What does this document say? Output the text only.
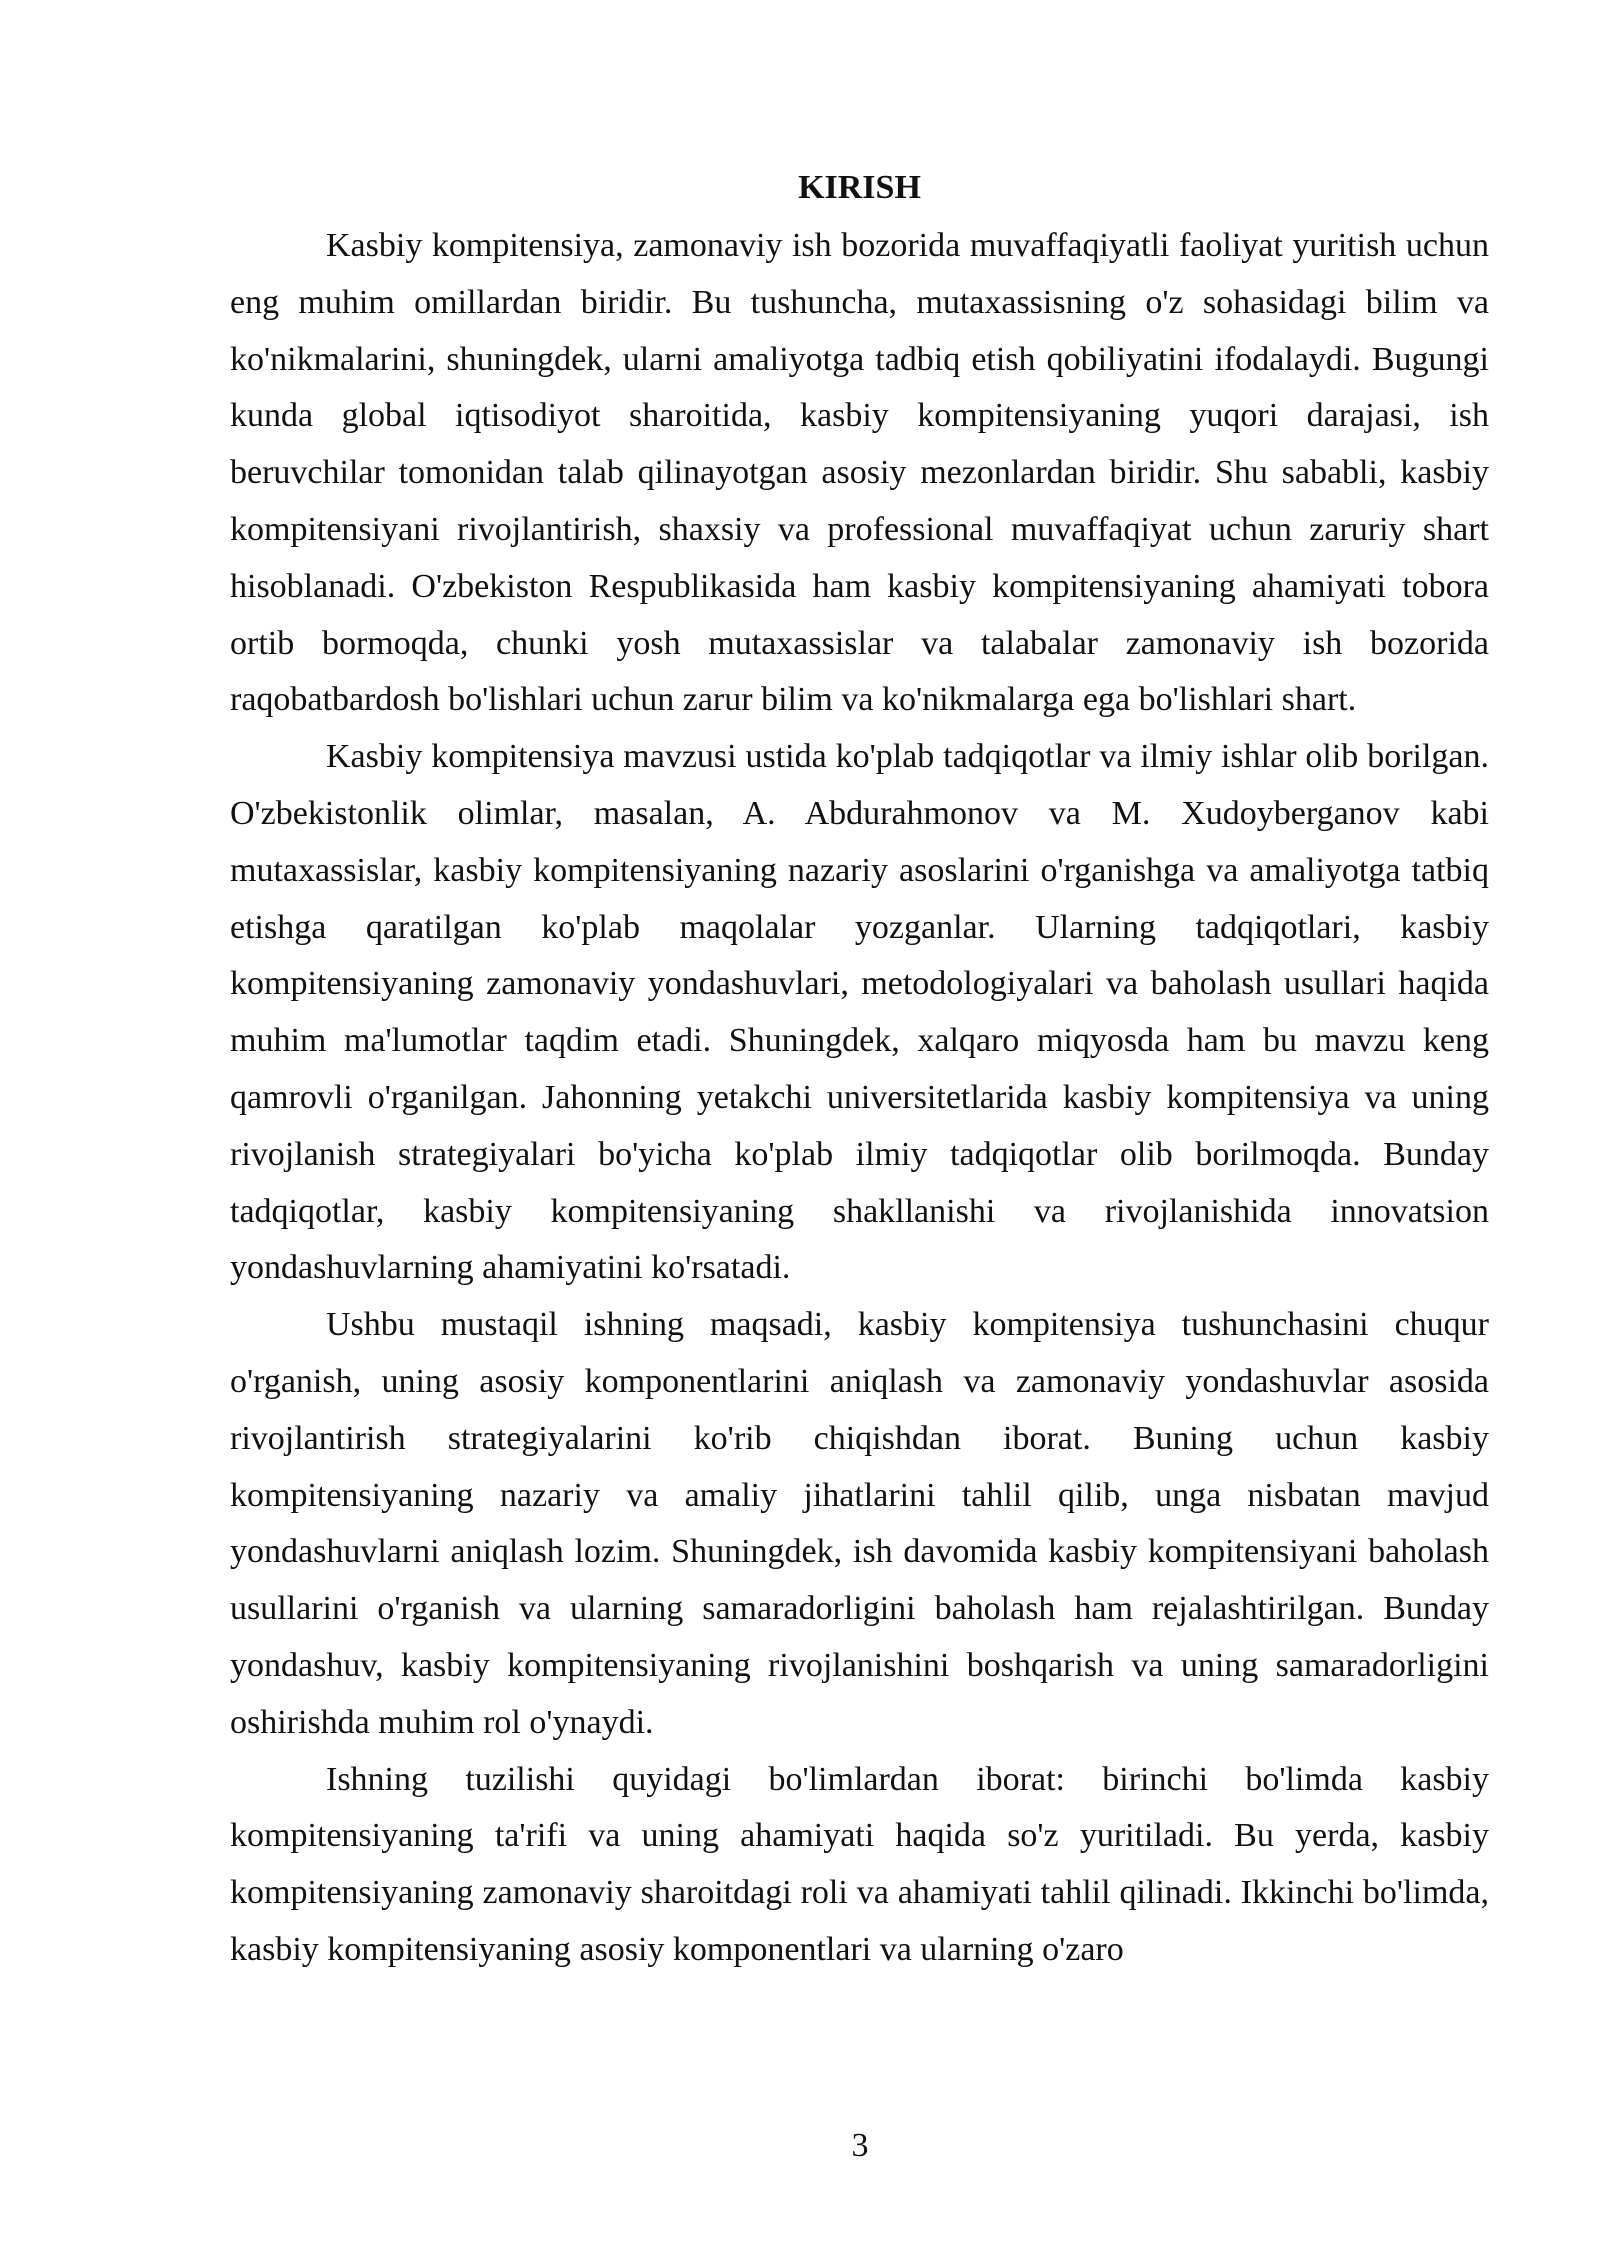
KIRISH

Kasbiy kompitensiya, zamonaviy ish bozorida muvaffaqiyatli faoliyat yuritish uchun eng muhim omillardan biridir. Bu tushuncha, mutaxassisning o'z sohasidagi bilim va ko'nikmalarini, shuningdek, ularni amaliyotga tadbiq etish qobiliyatini ifodalaydi. Bugungi kunda global iqtisodiyot sharoitida, kasbiy kompitensiyaning yuqori darajasi, ish beruvchilar tomonidan talab qilinayotgan asosiy mezonlardan biridir. Shu sababli, kasbiy kompitensiyani rivojlantirish, shaxsiy va professional muvaffaqiyat uchun zaruriy shart hisoblanadi. O'zbekiston Respublikasida ham kasbiy kompitensiyaning ahamiyati tobora ortib bormoqda, chunki yosh mutaxassislar va talabalar zamonaviy ish bozorida raqobatbardosh bo'lishlari uchun zarur bilim va ko'nikmalarga ega bo'lishlari shart.

Kasbiy kompitensiya mavzusi ustida ko'plab tadqiqotlar va ilmiy ishlar olib borilgan. O'zbekistonlik olimlar, masalan, A. Abdurahmonov va M. Xudoyberganov kabi mutaxassislar, kasbiy kompitensiyaning nazariy asoslarini o'rganishga va amaliyotga tatbiq etishga qaratilgan ko'plab maqolalar yozganlar. Ularning tadqiqotlari, kasbiy kompitensiyaning zamonaviy yondashuvlari, metodologiyalari va baholash usullari haqida muhim ma'lumotlar taqdim etadi. Shuningdek, xalqaro miqyosda ham bu mavzu keng qamrovli o'rganilgan. Jahonning yetakchi universitetlarida kasbiy kompitensiya va uning rivojlanish strategiyalari bo'yicha ko'plab ilmiy tadqiqotlar olib borilmoqda. Bunday tadqiqotlar, kasbiy kompitensiyaning shakllanishi va rivojlanishida innovatsion yondashuvlarning ahamiyatini ko'rsatadi.

Ushbu mustaqil ishning maqsadi, kasbiy kompitensiya tushunchasini chuqur o'rganish, uning asosiy komponentlarini aniqlash va zamonaviy yondashuvlar asosida rivojlantirish strategiyalarini ko'rib chiqishdan iborat. Buning uchun kasbiy kompitensiyaning nazariy va amaliy jihatlarini tahlil qilib, unga nisbatan mavjud yondashuvlarni aniqlash lozim. Shuningdek, ish davomida kasbiy kompitensiyani baholash usullarini o'rganish va ularning samaradorligini baholash ham rejalashtirilgan. Bunday yondashuv, kasbiy kompitensiyaning rivojlanishini boshqarish va uning samaradorligini oshirishda muhim rol o'ynaydi.

Ishning tuzilishi quyidagi bo'limlardan iborat: birinchi bo'limda kasbiy kompitensiyaning ta'rifi va uning ahamiyati haqida so'z yuritiladi. Bu yerda, kasbiy kompitensiyaning zamonaviy sharoitdagi roli va ahamiyati tahlil qilinadi. Ikkinchi bo'limda, kasbiy kompitensiyaning asosiy komponentlari va ularning o'zaro

3
